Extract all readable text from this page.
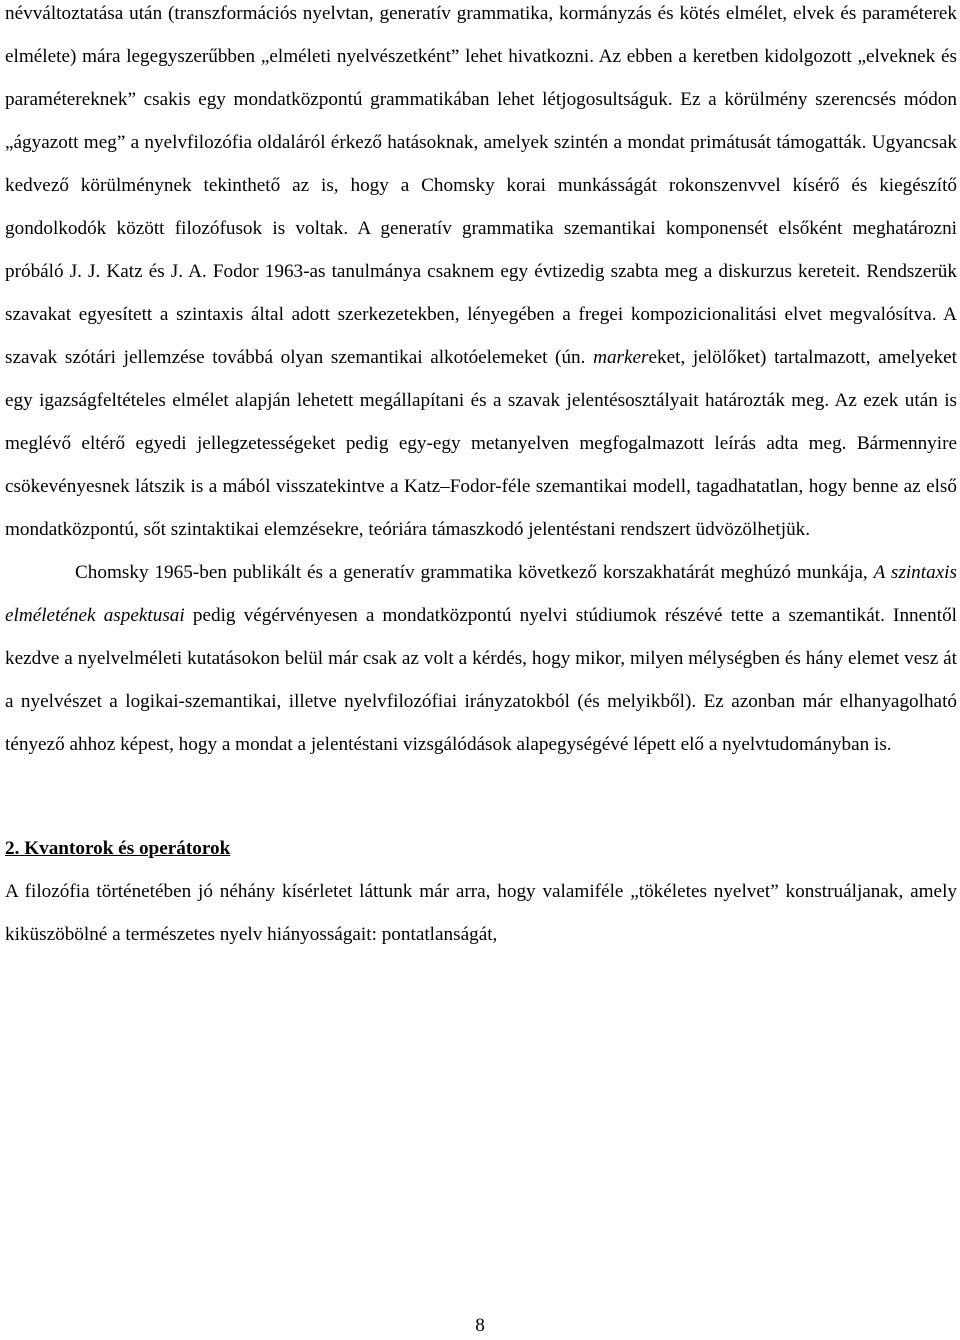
névváltoztatása után (transzformációs nyelvtan, generatív grammatika, kormányzás és kötés elmélet, elvek és paraméterek elmélete) mára legegyszerűbben „elméleti nyelvészetként” lehet hivatkozni. Az ebben a keretben kidolgozott „elveknek és paramétereknek” csakis egy mondatközpontú grammatikában lehet létjogosultságuk. Ez a körülmény szerencsés módon „ágyazott meg” a nyelvfilozófia oldaláról érkező hatásoknak, amelyek szintén a mondat primátusát támogatták. Ugyancsak kedvező körülménynek tekinthető az is, hogy a Chomsky korai munkásságát rokonszenvvel kísérő és kiegészítő gondolkodók között filozófusok is voltak. A generatív grammatika szemantikai komponensét elsőként meghatározni próbáló J. J. Katz és J. A. Fodor 1963-as tanulmánya csaknem egy évtizedig szabta meg a diskurzus kereteit. Rendszerük szavakat egyesített a szintaxis által adott szerkezetekben, lényegében a fregei kompozicionalitási elvet megvalósítva. A szavak szótári jellemzése továbbá olyan szemantikai alkotóelemeket (ún. markereket, jelölőket) tartalmazott, amelyeket egy igazságfeltételes elmélet alapján lehetett megállapítani és a szavak jelentésosztályait határozták meg. Az ezek után is meglévő eltérő egyedi jellegzetességeket pedig egy-egy metanyelven megfogalmazott leírás adta meg. Bármennyire csökevényesnek látszik is a mából visszatekintve a Katz–Fodor-féle szemantikai modell, tagadhatatlan, hogy benne az első mondatközpontú, sőt szintaktikai elemzésekre, teóriára támaszkodó jelentéstani rendszert üdvözölhetjük.

Chomsky 1965-ben publikált és a generatív grammatika következő korszakhatárát meghúzó munkája, A szintaxis elméletének aspektusai pedig végérvényesen a mondatközpontú nyelvi stúdiumok részévé tette a szemantikát. Innentől kezdve a nyelvelméleti kutatásokon belül már csak az volt a kérdés, hogy mikor, milyen mélységben és hány elemet vesz át a nyelvészet a logikai-szemantikai, illetve nyelvfilozófiai irányzatokból (és melyikből). Ez azonban már elhanyagolható tényező ahhoz képest, hogy a mondat a jelentéstani vizsgálódások alapegységévé lépett elő a nyelvtudományban is.

2. Kvantorok és operátorok

A filozófia történetében jó néhány kísérletet láttunk már arra, hogy valamiféle „tökéletes nyelvet” konstruáljanak, amely kiküszöbölné a természetes nyelv hiányosságait: pontatlanságát,

8
